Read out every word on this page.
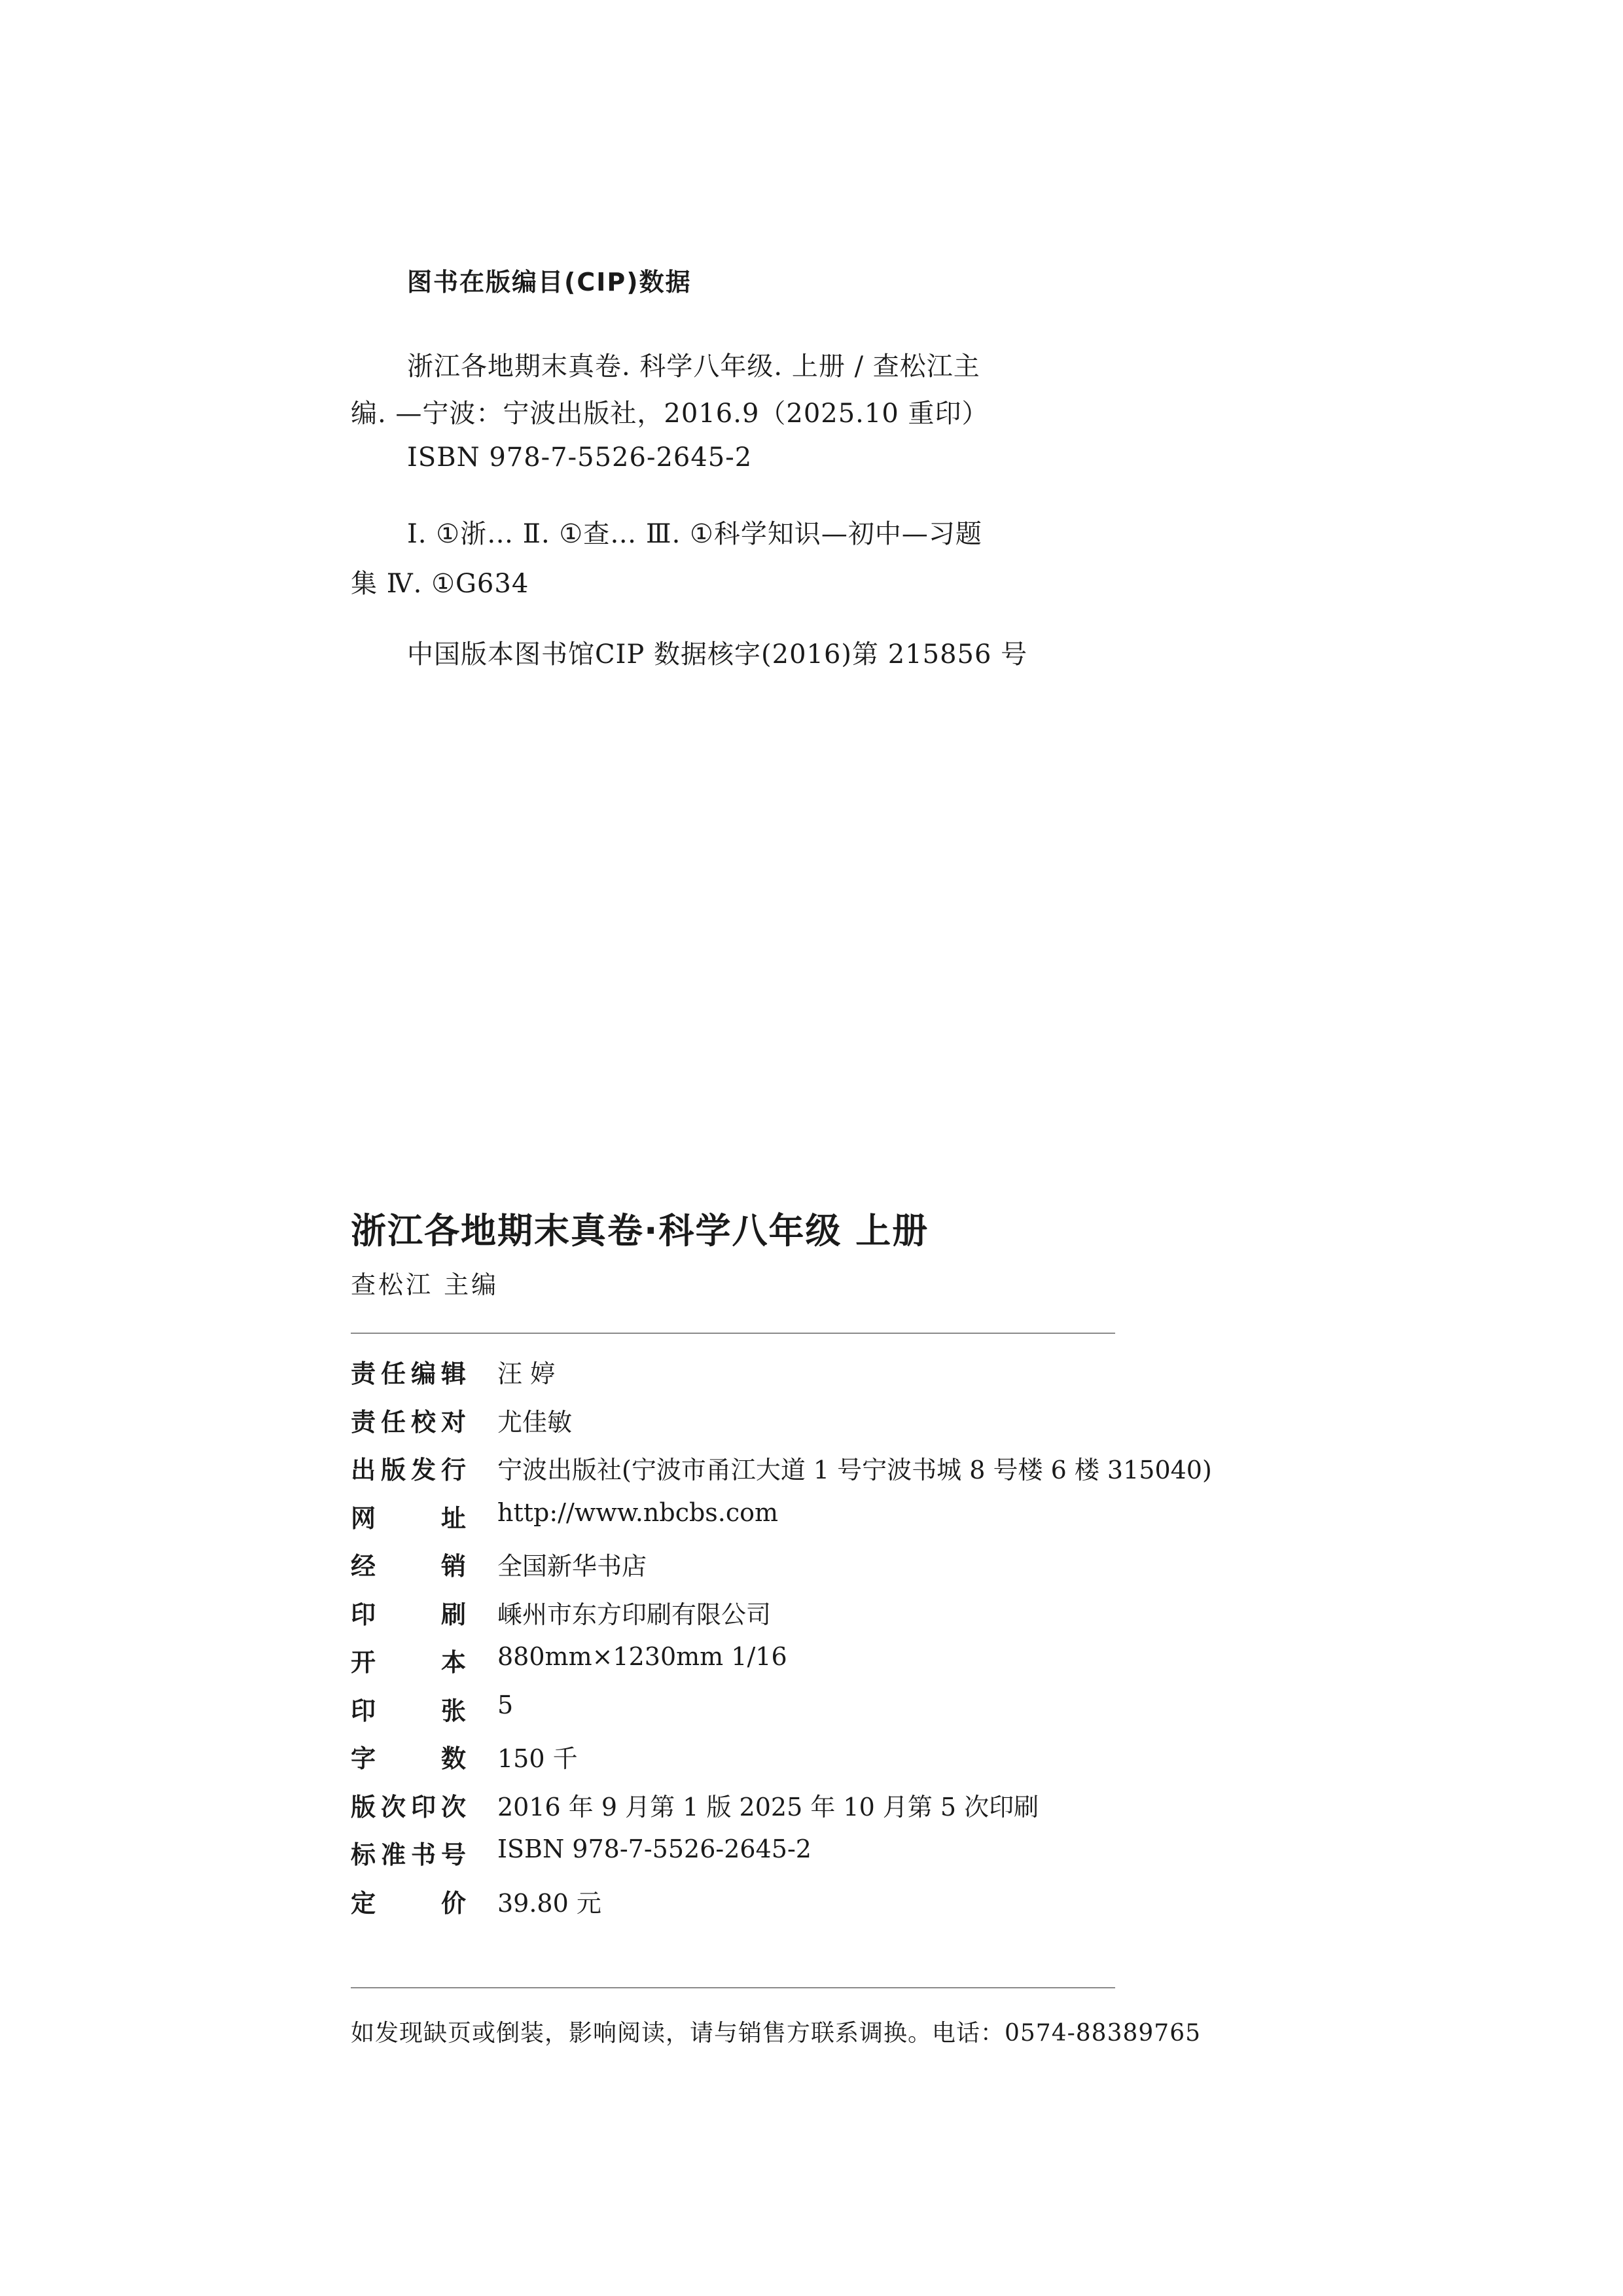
图书在版编目(CIP)数据
浙江各地期末真卷. 科学八年级. 上册 / 查松江主
编. —宁波：宁波出版社，2016.9（2025.10 重印）
ISBN 978-7-5526-2645-2
Ⅰ. ①浙… Ⅱ. ①查… Ⅲ. ①科学知识—初中—习题
集 Ⅳ. ①G634
中国版本图书馆CIP 数据核字(2016)第 215856 号
浙江各地期末真卷·科学八年级 上册
查松江 主编
责任编辑 汪 婷
责任校对 尤佳敏
出版发行 宁波出版社(宁波市甬江大道 1 号宁波书城 8 号楼 6 楼 315040)
网址 http://www.nbcbs.com
经销 全国新华书店
印刷 嵊州市东方印刷有限公司
开本 880mm×1230mm 1/16
印张 5
字数 150 千
版次印次 2016 年 9 月第 1 版 2025 年 10 月第 5 次印刷
标准书号 ISBN 978-7-5526-2645-2
定价 39.80 元
如发现缺页或倒装，影响阅读，请与销售方联系调换。电话：0574-88389765
